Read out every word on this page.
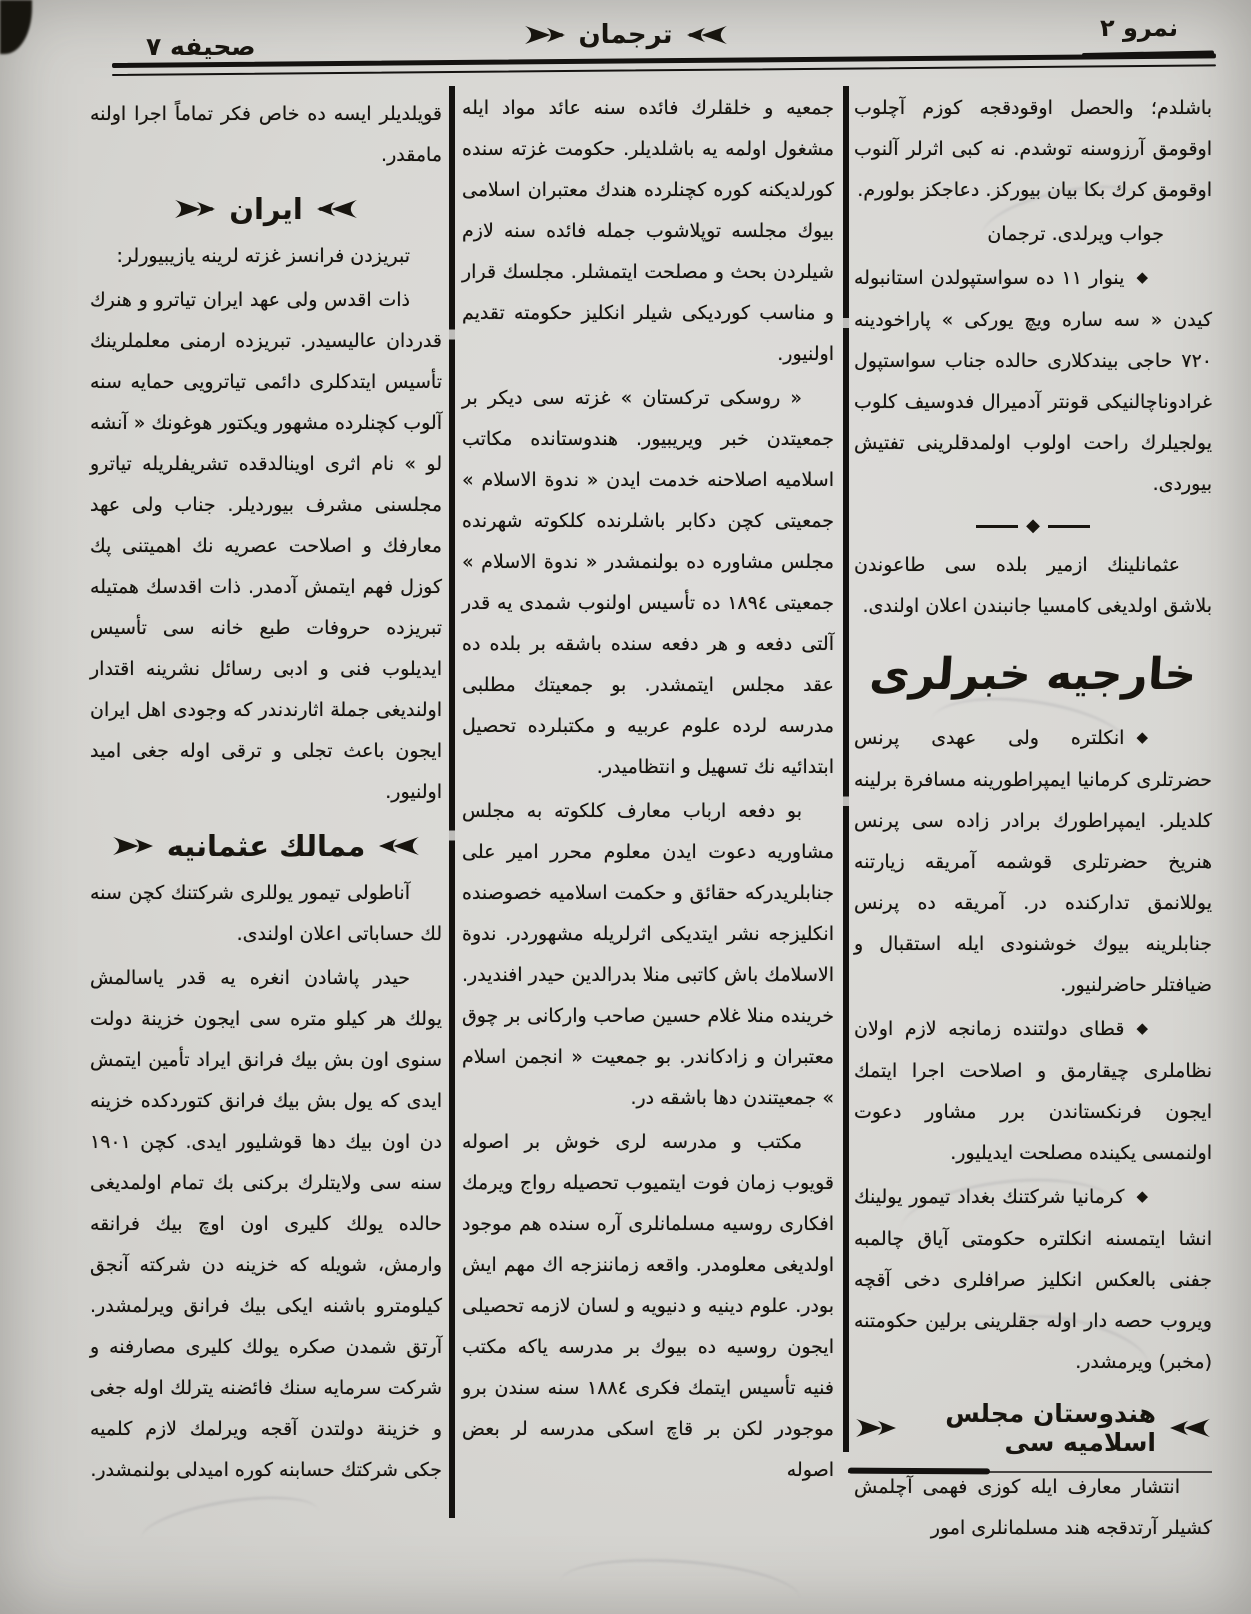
صحيفه ٧	ترجمان	نمرو ٢

باشلدم؛ والحصل اوقودقجه كوزم آچلوب اوقومق آرزوسنه توشدم. نه كبى اثرلر آلنوب اوقومق كرك بكا بيان بيوركز. دعاجكز بولورم.

جواب ويرلدى. ترجمان

◆ينوار ١١ ده سواستپولدن استانبوله كيدن « سه ساره ويچ يوركى » پاراخودينه ٧٢٠ حاجى بيندكلارى حالده جناب سواستپول غرادوناچالنيكى قونتر آدميرال فدوسيف كلوب يولجيلرك راحت اولوب اولمدقلرينى تفتيش بيوردى.

◆

عثمانلينك ازمير بلده سى طاعوندن بلاشق اولديغى كامسيا جانبندن اعلان اولندى.

خارجيه خبرلرى

◆انكلتره ولى عهدى پرنس حضرتلرى كرمانيا ايمپراطورينه مسافرة برلينه كلديلر. ايمپراطورك برادر زاده سى پرنس هنريخ حضرتلرى قوشمه آمريقه زيارتنه يوللانمق تداركنده در. آمريقه ده پرنس جنابلرينه بيوك خوشنودى ايله استقبال و ضيافتلر حاضرلنيور.

◆قطاى دولتنده زمانجه لازم اولان نظاملرى چيقارمق و اصلاحت اجرا ايتمك ايجون فرنكستاندن برر مشاور دعوت اولنمسى يكينده مصلحت ايديليور.

◆كرمانيا شركتنك بغداد تيمور يولينك انشا ايتمسنه انكلتره حكومتى آياق چالمبه جفنى بالعكس انكليز صرافلرى دخى آقچه ويروب حصه دار اوله جقلرينى برلين حكومتنه (مخبر) ويرمشدر.

هندوستان مجلس اسلاميه سى

انتشار معارف ايله كوزى فهمى آچلمش كشيلر آرتدقجه هند مسلمانلرى امور

جمعيه و خلقلرك فائده سنه عائد مواد ايله مشغول اولمه يه باشلديلر. حكومت غزته سنده كورلديكنه كوره كچنلرده هندك معتبران اسلامى بيوك مجلسه توپلاشوب جمله فائده سنه لازم شيلردن بحث و مصلحت ايتمشلر. مجلسك قرار و مناسب كورديكى شيلر انكليز حكومته تقديم اولنيور.

« روسكى تركستان » غزته سى ديكر بر جمعيتدن خبر ويريبيور. هندوستانده مكاتب اسلاميه اصلاحنه خدمت ايدن « ندوة الاسلام » جمعيتى كچن دكابر باشلرنده كلكوته شهرنده مجلس مشاوره ده بولنمشدر « ندوة الاسلام » جمعيتى ١٨٩٤ ده تأسيس اولنوب شمدى يه قدر آلتى دفعه و هر دفعه سنده باشقه بر بلده ده عقد مجلس ايتمشدر. بو جمعيتك مطلبى مدرسه لرده علوم عربيه و مكتبلرده تحصيل ابتدائيه نك تسهيل و انتظاميدر.

بو دفعه ارباب معارف كلكوته به مجلس مشاوريه دعوت ايدن معلوم محرر امير على جنابلريدركه حقائق و حكمت اسلاميه خصوصنده انكليزجه نشر ايتديكى اثرلريله مشهوردر. ندوة الاسلامك باش كاتبى منلا بدرالدين حيدر افنديدر. خرينده منلا غلام حسين صاحب واركانى بر چوق معتبران و زادكاندر. بو جمعيت « انجمن اسلام » جمعيتندن دها باشقه در.

مكتب و مدرسه لرى خوش بر اصوله قويوب زمان فوت ايتميوب تحصيله رواج ويرمك افكارى روسيه مسلمانلرى آره سنده هم موجود اولديغى معلومدر. واقعه زماننزجه اك مهم ايش بودر. علوم دينيه و دنيويه و لسان لازمه تحصيلى ايجون روسيه ده بيوك بر مدرسه ياكه مكتب فنيه تأسيس ايتمك فكرى ١٨٨٤ سنه سندن برو موجودر لكن بر قاچ اسكى مدرسه لر بعض اصوله

قويلديلر ايسه ده خاص فكر تماماً اجرا اولنه مامقدر.

ايران

تبريزدن فرانسز غزته لرينه يازيبيورلر:

ذات اقدس ولى عهد ايران تياترو و هنرك قدردان عاليسيدر. تبريزده ارمنى معلملرينك تأسيس ايتدكلرى دائمى تياترويى حمايه سنه آلوب كچنلرده مشهور ويكتور هوغونك « آنشه لو » نام اثرى اوينالدقده تشريفلريله تياترو مجلسنى مشرف بيورديلر. جناب ولى عهد معارفك و اصلاحت عصريه نك اهميتنى پك كوزل فهم ايتمش آدمدر. ذات اقدسك همتيله تبريزده حروفات طبع خانه سى تأسيس ايديلوب فنى و ادبى رسائل نشرينه اقتدار اولنديغى جملة اثارندندر كه وجودى اهل ايران ايجون باعث تجلى و ترقى اوله جغى اميد اولنيور.

ممالك عثمانيه

آناطولى تيمور يوللرى شركتنك كچن سنه لك حساباتى اعلان اولندى.

حيدر پاشادن انغره يه قدر ياسالمش يولك هر كيلو متره سى ايجون خزينة دولت سنوى اون بش بيك فرانق ايراد تأمين ايتمش ايدى كه يول بش بيك فرانق كتوردكده خزينه دن اون بيك دها قوشليور ايدى. كچن ١٩٠١ سنه سى ولايتلرك بركنى بك تمام اولمديغى حالده يولك كليرى اون اوچ بيك فرانقه وارمش، شويله كه خزينه دن شركته آنجق كيلومترو باشنه ايكى بيك فرانق ويرلمشدر. آرتق شمدن صكره يولك كليرى مصارفنه و شركت سرمايه سنك فائضنه يترلك اوله جغى و خزينة دولتدن آقجه ويرلمك لازم كلميه جكى شركتك حسابنه كوره اميدلى بولنمشدر.
